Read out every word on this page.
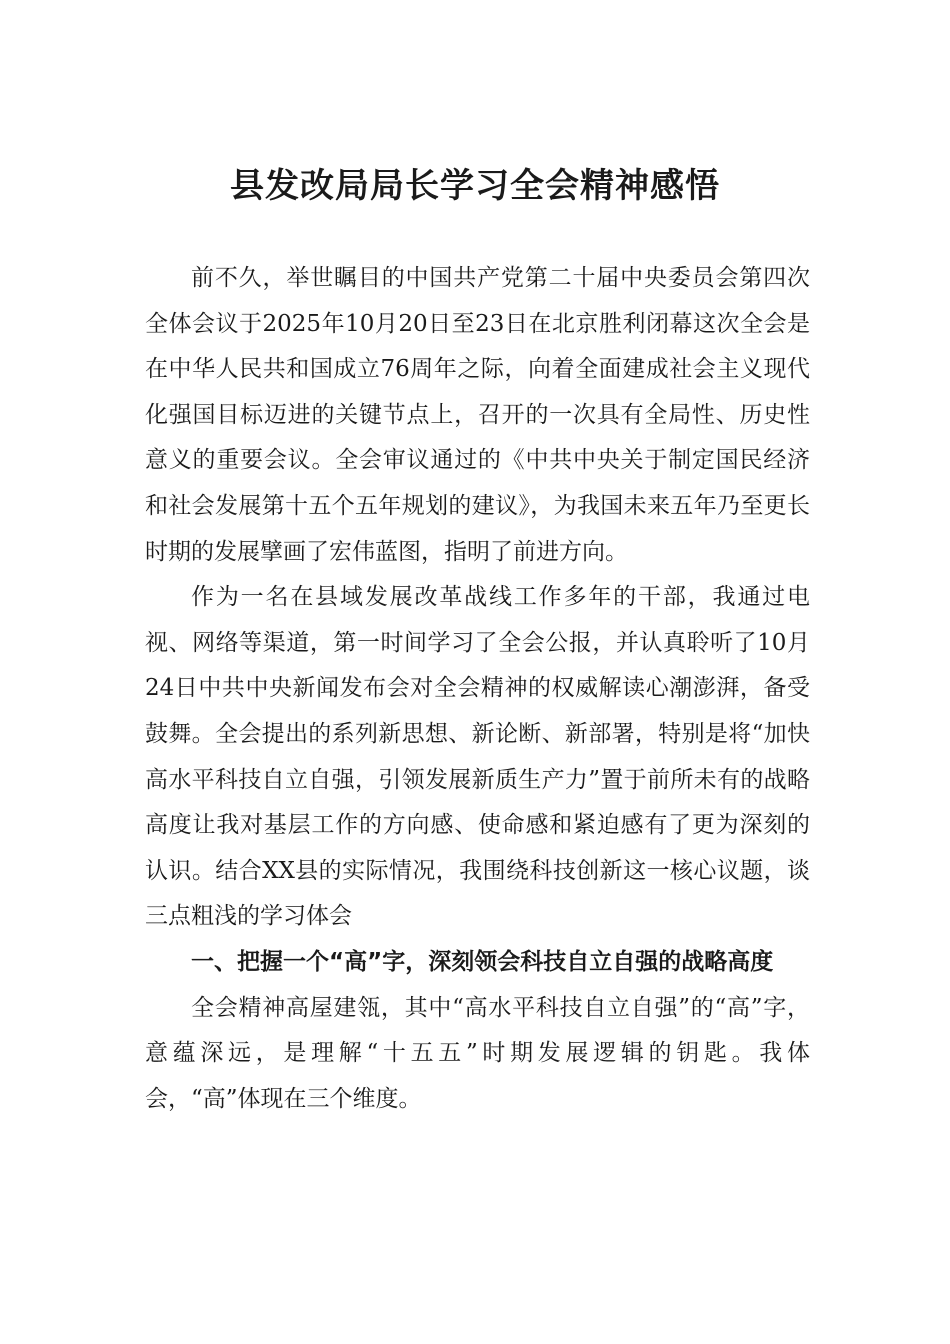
县发改局局长学习全会精神感悟

前不久，举世瞩目的中国共产党第二十届中央委员会第四次全体会议于2025年10月20日至23日在北京胜利闭幕这次全会是在中华人民共和国成立76周年之际，向着全面建成社会主义现代化强国目标迈进的关键节点上，召开的一次具有全局性、历史性意义的重要会议。全会审议通过的《中共中央关于制定国民经济和社会发展第十五个五年规划的建议》，为我国未来五年乃至更长时期的发展擘画了宏伟蓝图，指明了前进方向。

作为一名在县域发展改革战线工作多年的干部，我通过电视、网络等渠道，第一时间学习了全会公报，并认真聆听了10月24日中共中央新闻发布会对全会精神的权威解读心潮澎湃，备受鼓舞。全会提出的系列新思想、新论断、新部署，特别是将“加快高水平科技自立自强，引领发展新质生产力”置于前所未有的战略高度让我对基层工作的方向感、使命感和紧迫感有了更为深刻的认识。结合XX县的实际情况，我围绕科技创新这一核心议题，谈三点粗浅的学习体会

一、把握一个“高”字，深刻领会科技自立自强的战略高度

全会精神高屋建瓴，其中“高水平科技自立自强”的“高”字，意蕴深远，是理解“十五五”时期发展逻辑的钥匙。我体会，“高”体现在三个维度。
